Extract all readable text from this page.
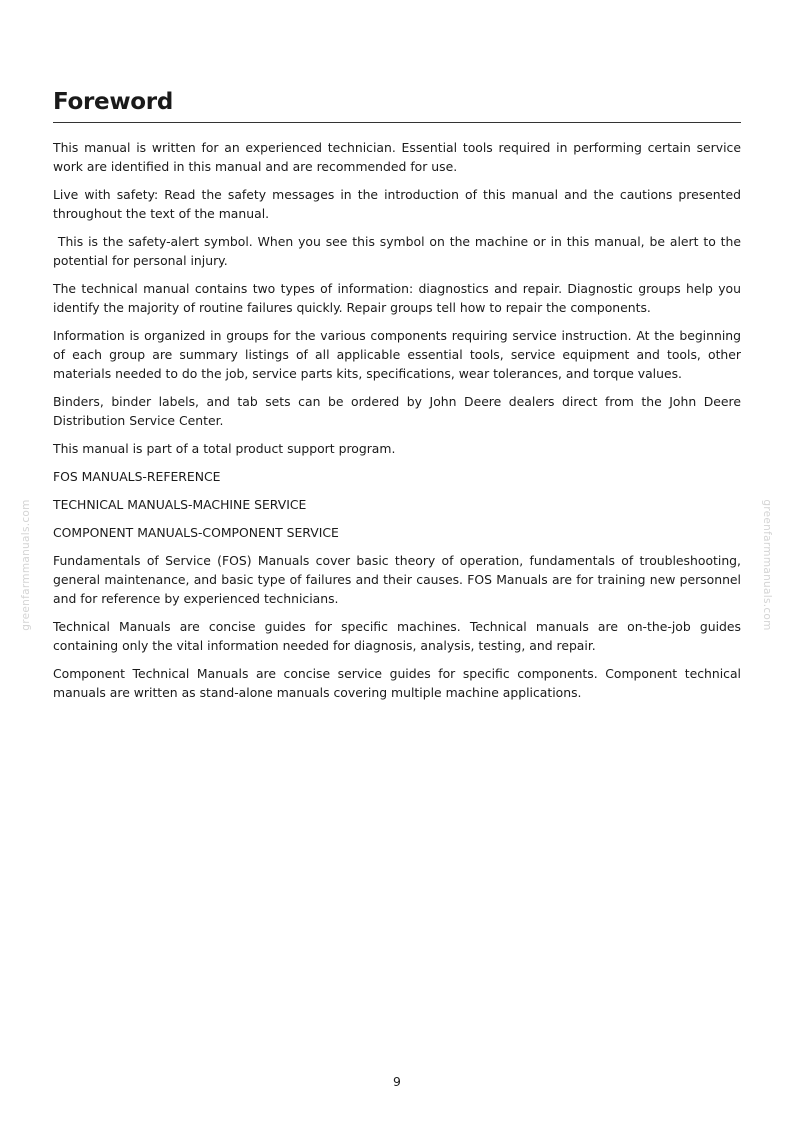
greenfarmmanuals.com	greenfarmmanuals.com
Foreword

This manual is written for an experienced technician. Essential tools required in performing certain service work are identified in this manual and are recommended for use.

Live with safety: Read the safety messages in the introduction of this manual and the cautions presented throughout the text of the manual.

This is the safety-alert symbol. When you see this symbol on the machine or in this manual, be alert to the potential for personal injury.

The technical manual contains two types of information: diagnostics and repair. Diagnostic groups help you identify the majority of routine failures quickly. Repair groups tell how to repair the components.

Information is organized in groups for the various components requiring service instruction. At the beginning of each group are summary listings of all applicable essential tools, service equipment and tools, other materials needed to do the job, service parts kits, specifications, wear tolerances, and torque values.

Binders, binder labels, and tab sets can be ordered by John Deere dealers direct from the John Deere Distribution Service Center.

This manual is part of a total product support program.

FOS MANUALS-REFERENCE

TECHNICAL MANUALS-MACHINE SERVICE

COMPONENT MANUALS-COMPONENT SERVICE

Fundamentals of Service (FOS) Manuals cover basic theory of operation, fundamentals of troubleshooting, general maintenance, and basic type of failures and their causes. FOS Manuals are for training new personnel and for reference by experienced technicians.

Technical Manuals are concise guides for specific machines. Technical manuals are on-the-job guides containing only the vital information needed for diagnosis, analysis, testing, and repair.

Component Technical Manuals are concise service guides for specific components. Component technical manuals are written as stand-alone manuals covering multiple machine applications.

9
